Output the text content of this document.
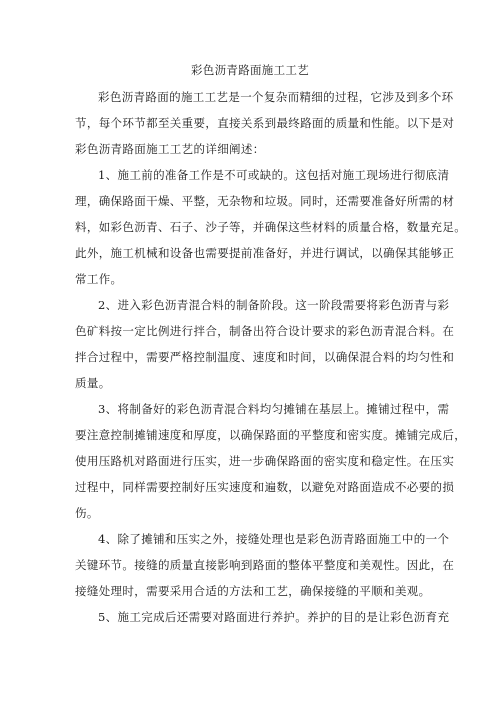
彩色沥青路面施工工艺
彩色沥青路面的施工工艺是一个复杂而精细的过程，它涉及到多个环
节，每个环节都至关重要，直接关系到最终路面的质量和性能。以下是对
彩色沥青路面施工工艺的详细阐述：
1、施工前的准备工作是不可或缺的。这包括对施工现场进行彻底清
理，确保路面干燥、平整，无杂物和垃圾。同时，还需要准备好所需的材
料，如彩色沥青、石子、沙子等，并确保这些材料的质量合格，数量充足。
此外，施工机械和设备也需要提前准备好，并进行调试，以确保其能够正
常工作。
2、进入彩色沥青混合料的制备阶段。这一阶段需要将彩色沥青与彩
色矿料按一定比例进行拌合，制备出符合设计要求的彩色沥青混合料。在
拌合过程中，需要严格控制温度、速度和时间，以确保混合料的均匀性和
质量。
3、将制备好的彩色沥青混合料均匀摊铺在基层上。摊铺过程中，需
要注意控制摊铺速度和厚度，以确保路面的平整度和密实度。摊铺完成后，
使用压路机对路面进行压实，进一步确保路面的密实度和稳定性。在压实
过程中，同样需要控制好压实速度和遍数，以避免对路面造成不必要的损
伤。
4、除了摊铺和压实之外，接缝处理也是彩色沥青路面施工中的一个
关键环节。接缝的质量直接影响到路面的整体平整度和美观性。因此，在
接缝处理时，需要采用合适的方法和工艺，确保接缝的平顺和美观。
5、施工完成后还需要对路面进行养护。养护的目的是让彩色沥育充
